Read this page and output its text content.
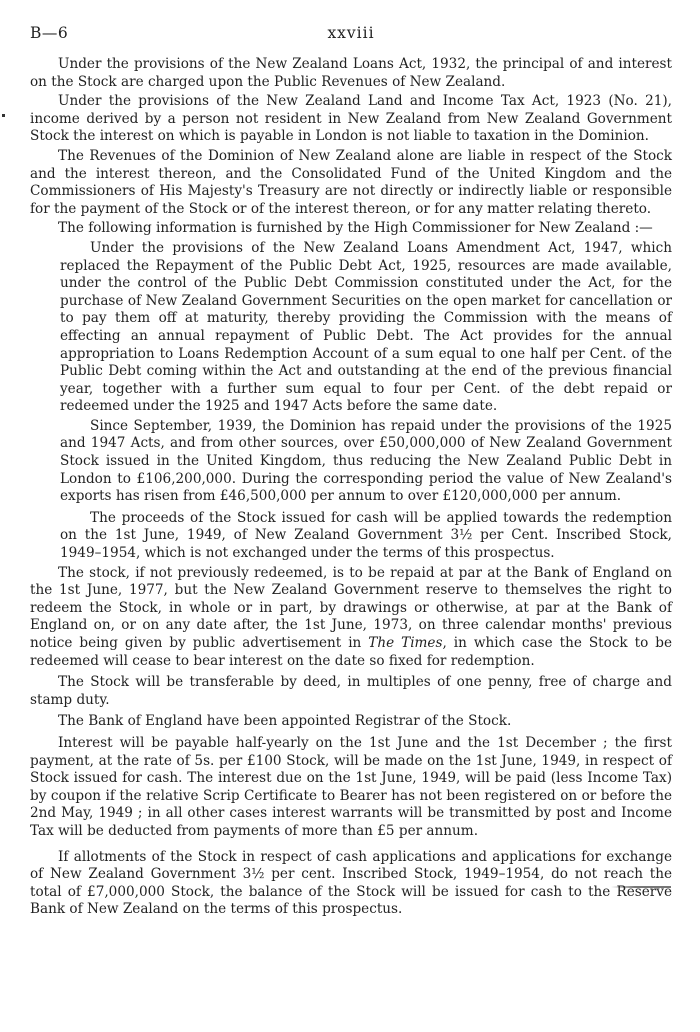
B—6	xxviii

Under the provisions of the New Zealand Loans Act, 1932, the principal of and interest on the Stock are charged upon the Public Revenues of New Zealand.

Under the provisions of the New Zealand Land and Income Tax Act, 1923 (No. 21), income derived by a person not resident in New Zealand from New Zealand Government Stock the interest on which is payable in London is not liable to taxation in the Dominion.

The Revenues of the Dominion of New Zealand alone are liable in respect of the Stock and the interest thereon, and the Consolidated Fund of the United Kingdom and the Commissioners of His Majesty's Treasury are not directly or indirectly liable or responsible for the payment of the Stock or of the interest thereon, or for any matter relating thereto.

The following information is furnished by the High Commissioner for New Zealand :—

Under the provisions of the New Zealand Loans Amendment Act, 1947, which replaced the Repayment of the Public Debt Act, 1925, resources are made available, under the control of the Public Debt Commission constituted under the Act, for the purchase of New Zealand Government Securities on the open market for cancellation or to pay them off at maturity, thereby providing the Commission with the means of effecting an annual repayment of Public Debt. The Act provides for the annual appropriation to Loans Redemption Account of a sum equal to one half per Cent. of the Public Debt coming within the Act and outstanding at the end of the previous financial year, together with a further sum equal to four per Cent. of the debt repaid or redeemed under the 1925 and 1947 Acts before the same date.

Since September, 1939, the Dominion has repaid under the provisions of the 1925 and 1947 Acts, and from other sources, over £50,000,000 of New Zealand Government Stock issued in the United Kingdom, thus reducing the New Zealand Public Debt in London to £106,200,000. During the corresponding period the value of New Zealand's exports has risen from £46,500,000 per annum to over £120,000,000 per annum.

The proceeds of the Stock issued for cash will be applied towards the redemption on the 1st June, 1949, of New Zealand Government 3½ per Cent. Inscribed Stock, 1949–1954, which is not exchanged under the terms of this prospectus.

The stock, if not previously redeemed, is to be repaid at par at the Bank of England on the 1st June, 1977, but the New Zealand Government reserve to themselves the right to redeem the Stock, in whole or in part, by drawings or otherwise, at par at the Bank of England on, or on any date after, the 1st June, 1973, on three calendar months' previous notice being given by public advertisement in The Times, in which case the Stock to be redeemed will cease to bear interest on the date so fixed for redemption.

The Stock will be transferable by deed, in multiples of one penny, free of charge and stamp duty.

The Bank of England have been appointed Registrar of the Stock.

Interest will be payable half-yearly on the 1st June and the 1st December ; the first payment, at the rate of 5s. per £100 Stock, will be made on the 1st June, 1949, in respect of Stock issued for cash. The interest due on the 1st June, 1949, will be paid (less Income Tax) by coupon if the relative Scrip Certificate to Bearer has not been registered on or before the 2nd May, 1949 ; in all other cases interest warrants will be transmitted by post and Income Tax will be deducted from payments of more than £5 per annum.

If allotments of the Stock in respect of cash applications and applications for exchange of New Zealand Government 3½ per cent. Inscribed Stock, 1949–1954, do not reach the total of £7,000,000 Stock, the balance of the Stock will be issued for cash to the Reserve Bank of New Zealand on the terms of this prospectus.
